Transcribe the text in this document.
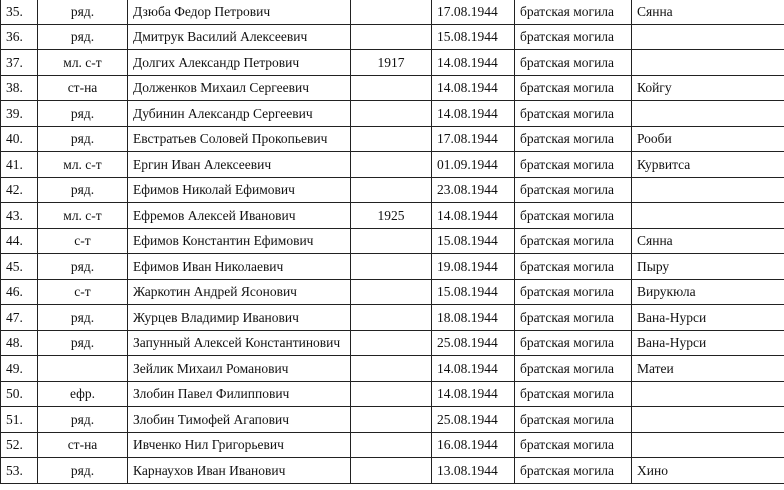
35.	ряд.	Дзюба Федор Петрович		17.08.1944	братская могила	Сянна
36.	ряд.	Дмитрук Василий Алексеевич		15.08.1944	братская могила	
37.	мл. с-т	Долгих Александр Петрович	1917	14.08.1944	братская могила	
38.	ст-на	Долженков Михаил Сергеевич		14.08.1944	братская могила	Койгу
39.	ряд.	Дубинин Александр Сергеевич		14.08.1944	братская могила	
40.	ряд.	Евстратьев Соловей Прокопьевич		17.08.1944	братская могила	Рооби
41.	мл. с-т	Ергин Иван Алексеевич		01.09.1944	братская могила	Курвитса
42.	ряд.	Ефимов Николай Ефимович		23.08.1944	братская могила	
43.	мл. с-т	Ефремов Алексей Иванович	1925	14.08.1944	братская могила	
44.	с-т	Ефимов Константин Ефимович		15.08.1944	братская могила	Сянна
45.	ряд.	Ефимов Иван Николаевич		19.08.1944	братская могила	Пыру
46.	с-т	Жаркотин Андрей Ясонович		15.08.1944	братская могила	Вирукюла
47.	ряд.	Журцев Владимир Иванович		18.08.1944	братская могила	Вана-Нурси
48.	ряд.	Запунный Алексей Константинович		25.08.1944	братская могила	Вана-Нурси
49.		Зейлик Михаил Романович		14.08.1944	братская могила	Матеи
50.	ефр.	Злобин Павел Филиппович		14.08.1944	братская могила	
51.	ряд.	Злобин Тимофей Агапович		25.08.1944	братская могила	
52.	ст-на	Ивченко Нил Григорьевич		16.08.1944	братская могила	
53.	ряд.	Карнаухов Иван Иванович		13.08.1944	братская могила	Хино
